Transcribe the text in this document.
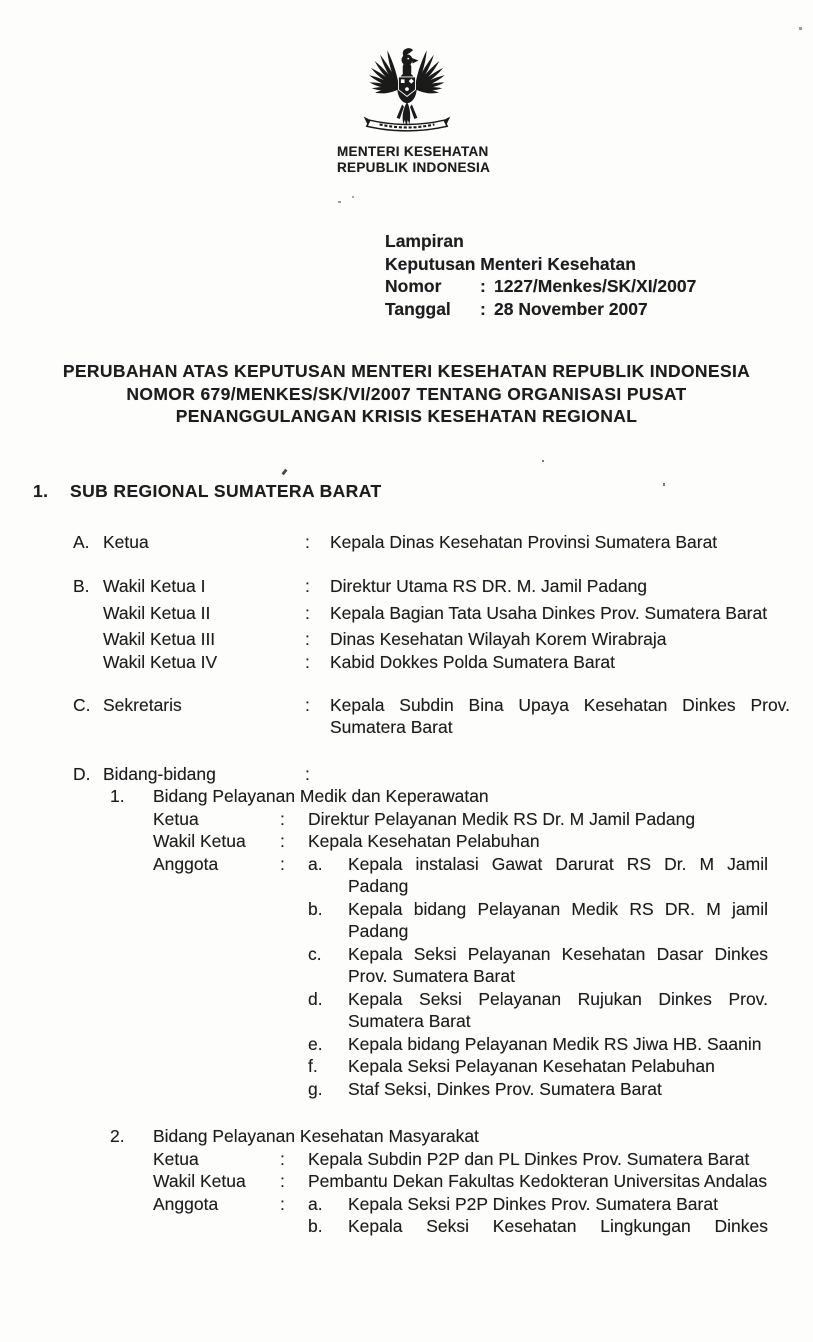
MENTERI KESEHATAN
REPUBLIK INDONESIA
Lampiran
Keputusan Menteri Kesehatan
Nomor	: 1227/Menkes/SK/XI/2007
Tanggal	: 28 November 2007
PERUBAHAN ATAS KEPUTUSAN MENTERI KESEHATAN REPUBLIK INDONESIA
NOMOR 679/MENKES/SK/VI/2007 TENTANG ORGANISASI PUSAT
PENANGGULANGAN KRISIS KESEHATAN REGIONAL
1.	SUB REGIONAL SUMATERA BARAT
A. Ketua	:	Kepala Dinas Kesehatan Provinsi Sumatera Barat
B. Wakil Ketua I	:	Direktur Utama RS DR. M. Jamil Padang
Wakil Ketua II	:	Kepala Bagian Tata Usaha Dinkes Prov. Sumatera Barat
Wakil Ketua III	:	Dinas Kesehatan Wilayah Korem Wirabraja
Wakil Ketua IV	:	Kabid Dokkes Polda Sumatera Barat
C. Sekretaris	:	Kepala Subdin Bina Upaya Kesehatan Dinkes Prov. Sumatera Barat
D. Bidang-bidang	:
1.	Bidang Pelayanan Medik dan Keperawatan
Ketua	:	Direktur Pelayanan Medik RS Dr. M Jamil Padang
Wakil Ketua	:	Kepala Kesehatan Pelabuhan
Anggota	:	a.	Kepala instalasi Gawat Darurat RS Dr. M Jamil Padang
b.	Kepala bidang Pelayanan Medik RS DR. M jamil Padang
c.	Kepala Seksi Pelayanan Kesehatan Dasar Dinkes Prov. Sumatera Barat
d.	Kepala Seksi Pelayanan Rujukan Dinkes Prov. Sumatera Barat
e.	Kepala bidang Pelayanan Medik RS Jiwa HB. Saanin
f.	Kepala Seksi Pelayanan Kesehatan Pelabuhan
g.	Staf Seksi, Dinkes Prov. Sumatera Barat
2.	Bidang Pelayanan Kesehatan Masyarakat
Ketua	:	Kepala Subdin P2P dan PL Dinkes Prov. Sumatera Barat
Wakil Ketua	:	Pembantu Dekan Fakultas Kedokteran Universitas Andalas
Anggota	:	a.	Kepala Seksi P2P Dinkes Prov. Sumatera Barat
b.	Kepala Seksi Kesehatan Lingkungan Dinkes
